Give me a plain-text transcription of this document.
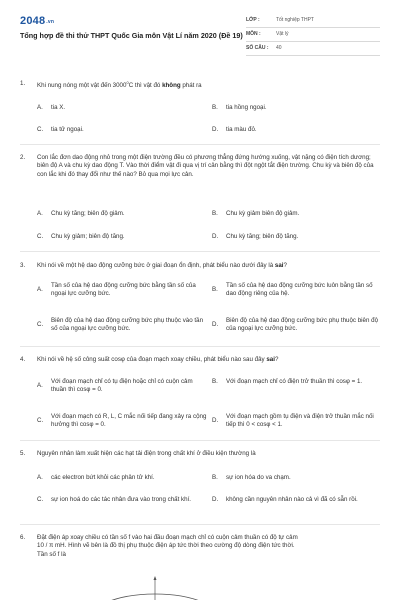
2048.vn
Tổng hợp đề thi thử THPT Quốc Gia môn Vật Lí năm 2020 (Đề 19)
LỚP :	Tốt nghiệp THPT
MÔN :	Vật lý
SỐ CÂU :	40
1. Khi nung nóng một vật đến 3000$^0$C thì vật đó không phát ra
A.	tia X.	B.	tia hồng ngoại.
C.	tia tử ngoại.	D.	tia màu đỏ.
2. Con lắc đơn dao động nhỏ trong một điện trường đều có phương thẳng đứng hướng xuống, vật nặng có điện tích dương; biên độ A và chu kỳ dao động T. Vào thời điểm vật đi qua vị trí cân bằng thì đột ngột tắt điện trường. Chu kỳ và biên độ của con lắc khi đó thay đổi như thế nào? Bỏ qua mọi lực cản.
A.	Chu kỳ tăng; biên độ giảm.	B.	Chu kỳ giảm biên độ giảm.
C.	Chu kỳ giảm; biên độ tăng.	D.	Chu kỳ tăng; biên độ tăng.
3. Khi nói về một hệ dao động cưỡng bức ở giai đoạn ổn định, phát biểu nào dưới đây là sai?
A.
Tần số của hệ dao động cưỡng bức bằng tần số của ngoại lực cưỡng bức.
B.
Tần số của hệ dao động cưỡng bức luôn bằng tần số dao động riêng của hệ.
C.
Biên độ của hệ dao động cưỡng bức phụ thuộc vào tần số của ngoại lực cưỡng bức.
D.
Biên độ của hệ dao động cưỡng bức phụ thuộc biên độ của ngoại lực cưỡng bức.
4. Khi nói về hệ số công suất cosφ của đoạn mạch xoay chiều, phát biểu nào sau đây sai?
A.
Với đoạn mạch chỉ có tụ điện hoặc chỉ có cuộn cảm thuần thì cosφ = 0.
B.	Với đoạn mạch chỉ có điện trở thuần thì cosφ = 1.
C.
Với đoạn mạch có R, L, C mắc nối tiếp đang xảy ra cộng hưởng thì cosφ = 0.
D.
Với đoạn mạch gồm tụ điện và điện trở thuần mắc nối tiếp thì 0 < cosφ < 1.
5. Nguyên nhân làm xuất hiện các hạt tải điện trong chất khí ở điều kiện thường là
A.	các electron bứt khỏi các phân tử khí.	B.	sự ion hóa do va chạm.
C.	sự ion hoá do các tác nhân đưa vào trong chất khí.	D.	không cần nguyên nhân nào cả vì đã có sẵn rồi.
6. Đặt điện áp xoay chiều có tần số f vào hai đầu đoạn mạch chỉ có cuộn cảm thuần có độ tự cảm
10 / π mH. Hình vẽ bên là đồ thị phụ thuộc điện áp tức thời theo cường độ dòng điện tức thời.
Tần số f là
